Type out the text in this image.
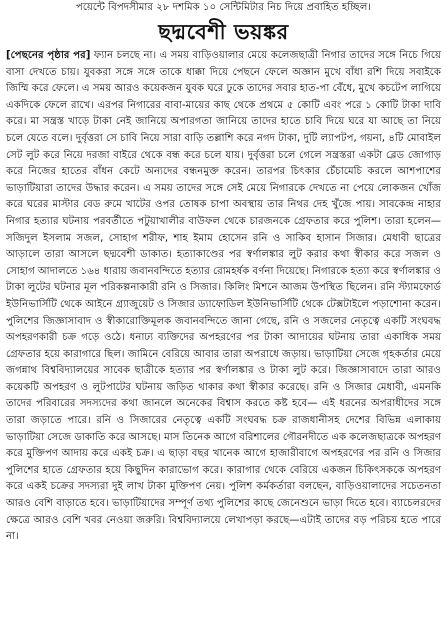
পয়েন্টে বিপদসীমার ২৮ দশমিক ১০ সেন্টিমিটার নিচ দিয়ে প্রবাহিত হচ্ছিল।

ছদ্মবেশী ভয়ঙ্কর

[পেছনের পৃষ্ঠার পর] ফ্যান চলছে না। এ সময় বাড়িওয়ালার মেয়ে কলেজছাত্রী নিগার তাদের সঙ্গে নিচে গিয়ে বাসা দেখতে চায়। যুবকরা সঙ্গে সঙ্গে তাকে ধাক্কা দিয়ে পেছনে ফেলে অজ্ঞান মুখে বাঁধা রশি দিয়ে সবাইকে জিম্মি করে ফেলে। এ সময় আরও কয়েকজন যুবক ঘরে ঢুকে তাদের সবার হাত-পা বেঁধে, মুখে কচটেপ লাগিয়ে একদিকে ফেলে রাখে। এরপর নিগারের বাবা-মায়ের কাছ থেকে প্রথমে ৫ কোটি এবং পরে ১ কোটি টাকা দাবি করে। মা সন্ত্রস্ত খাড়ে টাকা নেই জানিয়ে অপারগতা জানিয়ে তাদের হাতে চাবি দিয়ে ঘরে যা আছে তা নিয়ে চলে যেতে বলে। দুর্বৃত্তরা সে চাবি নিয়ে সারা বাড়ি তল্লাশি করে নগদ টাকা, দুটি ল্যাপটপ, গয়না, ৪টি মোবাইল সেট লুট করে নিয়ে দরজা বাইরে থেকে বন্ধ করে চলে যায়। দুর্বৃত্তরা চলে গেলে সন্ত্রস্তরা একটা ব্লেড জোগাড় করে নিজের হাতের বাঁধন কেটে অন্যদের বন্ধনমুক্ত করেন। তারপর চিৎকার চেঁচামেচি করলে আশপাশের ভাড়াটিয়ারা তাদের উদ্ধার করেন। এ সময় তাদের সঙ্গে সেই মেয়ে নিগারকে দেখতে না পেয়ে লোকজন খোঁজ করে ঘরের মাস্টার বেড রুমে খাটের ওপর তোষক চাপা অবস্থায় তার নিথর দেহ খুঁজে পায়। সাবকেন্দ্র নাহার নিগার হত্যার ঘটনায় পরবর্তীতে পটুয়াখালীর বাউফল থেকে চারজনকে গ্রেফতার করে পুলিশ। তারা হলেন— সজিদুল ইসলাম সজল, সোহাগ শরীফ, শাহ ইমাম হোসেন রনি ও সাকিব হাসান সিজার। মেধাবী ছাত্রের আড়ালে তারা আসলে ছদ্মবেশী ডাকাত। হত্যাকাণ্ডের পর স্বর্ণালঙ্কার লুট করার কথা স্বীকার করে সজল ও সোহাগ আদালতে ১৬৪ ধারায় জবানবন্দিতে হত্যার রোমহর্ষক বর্ণনা দিয়েছে। নিগারকে হত্যা করে স্বর্ণালঙ্কার ও টাকা লুটের ঘটনার মূল পরিকল্পনাকারী রনি ও সিজার। কিলিং মিশনে আজম উপস্থিত ছিলেন। রনি স্ট্যামফোর্ড ইউনিভার্সিটি থেকে আইনে গ্র্যাজুয়েট ও সিজার ড্যাফোডিল ইউনিভার্সিটি থেকে টেক্সটাইলে পড়াশোনা করেন। পুলিশের জিজ্ঞাসাবাদ ও স্বীকারোক্তিমূলক জবানবন্দিতে জানা গেছে, রনি ও সজলের নেতৃত্বে একটি সংঘবদ্ধ অপহরণকারী চক্র গড়ে ওঠে। ধনাঢ্য ব্যক্তিদের অপহরণের পর টাকা আদায়ের ঘটনায় তারা একাধিক সময় গ্রেফতার হয়ে কারাগারে ছিল। জামিনে বেরিয়ে আবার তারা অপরাধে জড়ায়। ভাড়াটিয়া সেজে গৃহকর্তার মেয়ে জগন্নাথ বিশ্ববিদ্যালয়ের সাবেক ছাত্রীকে হত্যার পর স্বর্ণালঙ্কার ও টাকা লুট করে। জিজ্ঞাসাবাদে তারা আরও কয়েকটি অপহরণ ও লুটপাটের ঘটনায় জড়িত থাকার কথা স্বীকার করেছে। রনি ও সিজার মেধাবী, এমনকি তাদের পরিবারের সদস্যদের কথা জানলে অনেকের বিশ্বাস করতে কষ্ট হবে— এই ধরনের অপরাধীদের সঙ্গে তারা জড়াতে পারে। রনি ও সিজারের নেতৃত্বে একটি সংঘবদ্ধ চক্র রাজধানীসহ দেশের বিভিন্ন এলাকায় ভাড়াটিয়া সেজে ডাকাতি করে আসছে। মাস তিনেক আগে বরিশালের গৌরনদীতে এক কলেজছাত্রকে অপহরণ করে মুক্তিপণ আদায় করে একই চক্র। এ ছাড়া বছর খানেক আগে হাজারীবাগে অপহরণের পর রনি ও সিজার পুলিশের হাতে গ্রেফতার হয়ে কিছুদিন কারাভোগ করে। কারাগার থেকে বেরিয়ে একজন চিকিৎসককে অপহরণ করে একই চক্রের সদস্যরা দুই লাখ টাকা মুক্তিপণ নেয়। পুলিশ কর্মকর্তারা বলছেন, বাড়িওয়ালাদের সচেতনতা আরও বেশি বাড়াতে হবে। ভাড়াটিয়াদের সম্পূর্ণ তথ্য পুলিশের কাছে জেনেশুনে ভাড়া দিতে হবে। ব্যাচেলরদের ক্ষেত্রে আরও বেশি খবর নেওয়া জরুরি। বিশ্ববিদ্যালয়ে লেখাপড়া করছে—এটাই তাদের বড় পরিচয় হতে পারে না।
